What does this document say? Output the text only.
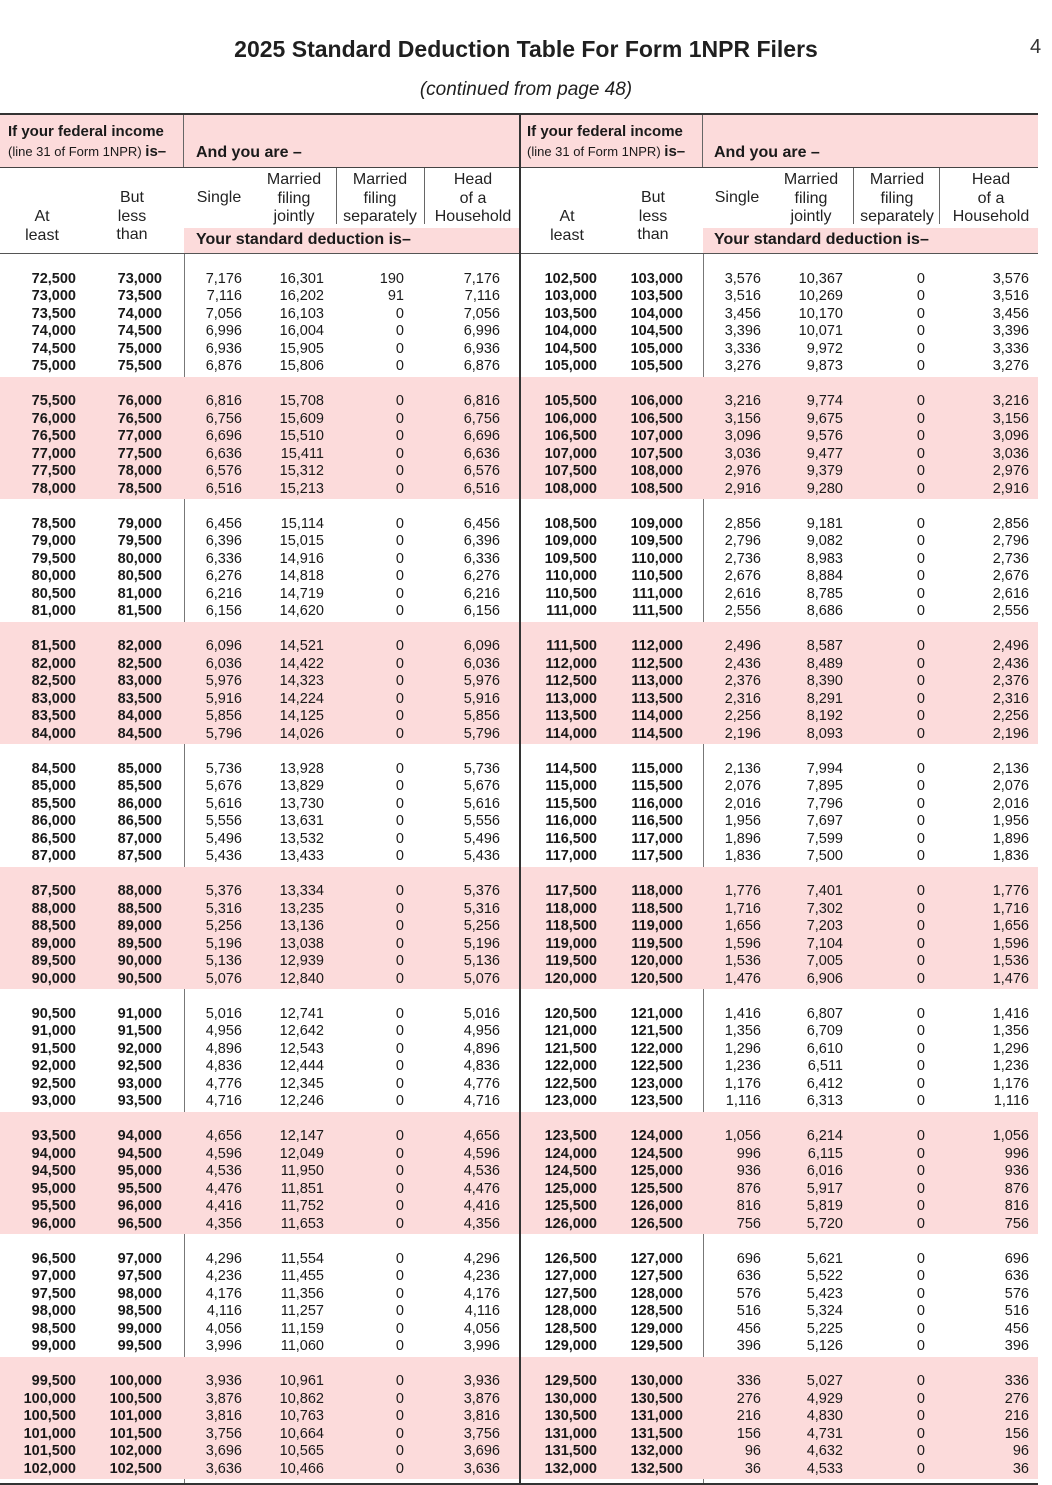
2025 Standard Deduction Table For Form 1NPR Filers
(continued from page 48)
4
If your federal income
(line 31 of Form 1NPR) is–	And you are –
At
least
But
less
than
Single
Married
filing
jointly
Married
filing
separately
Head
of a
Household
Your standard deduction is–
72,500	73,000	7,176	16,301	190	7,176
73,000	73,500	7,116	16,202	91	7,116
73,500	74,000	7,056	16,103	0	7,056
74,000	74,500	6,996	16,004	0	6,996
74,500	75,000	6,936	15,905	0	6,936
75,000	75,500	6,876	15,806	0	6,876
75,500	76,000	6,816	15,708	0	6,816
76,000	76,500	6,756	15,609	0	6,756
76,500	77,000	6,696	15,510	0	6,696
77,000	77,500	6,636	15,411	0	6,636
77,500	78,000	6,576	15,312	0	6,576
78,000	78,500	6,516	15,213	0	6,516
78,500	79,000	6,456	15,114	0	6,456
79,000	79,500	6,396	15,015	0	6,396
79,500	80,000	6,336	14,916	0	6,336
80,000	80,500	6,276	14,818	0	6,276
80,500	81,000	6,216	14,719	0	6,216
81,000	81,500	6,156	14,620	0	6,156
81,500	82,000	6,096	14,521	0	6,096
82,000	82,500	6,036	14,422	0	6,036
82,500	83,000	5,976	14,323	0	5,976
83,000	83,500	5,916	14,224	0	5,916
83,500	84,000	5,856	14,125	0	5,856
84,000	84,500	5,796	14,026	0	5,796
84,500	85,000	5,736	13,928	0	5,736
85,000	85,500	5,676	13,829	0	5,676
85,500	86,000	5,616	13,730	0	5,616
86,000	86,500	5,556	13,631	0	5,556
86,500	87,000	5,496	13,532	0	5,496
87,000	87,500	5,436	13,433	0	5,436
87,500	88,000	5,376	13,334	0	5,376
88,000	88,500	5,316	13,235	0	5,316
88,500	89,000	5,256	13,136	0	5,256
89,000	89,500	5,196	13,038	0	5,196
89,500	90,000	5,136	12,939	0	5,136
90,000	90,500	5,076	12,840	0	5,076
90,500	91,000	5,016	12,741	0	5,016
91,000	91,500	4,956	12,642	0	4,956
91,500	92,000	4,896	12,543	0	4,896
92,000	92,500	4,836	12,444	0	4,836
92,500	93,000	4,776	12,345	0	4,776
93,000	93,500	4,716	12,246	0	4,716
93,500	94,000	4,656	12,147	0	4,656
94,000	94,500	4,596	12,049	0	4,596
94,500	95,000	4,536	11,950	0	4,536
95,000	95,500	4,476	11,851	0	4,476
95,500	96,000	4,416	11,752	0	4,416
96,000	96,500	4,356	11,653	0	4,356
96,500	97,000	4,296	11,554	0	4,296
97,000	97,500	4,236	11,455	0	4,236
97,500	98,000	4,176	11,356	0	4,176
98,000	98,500	4,116	11,257	0	4,116
98,500	99,000	4,056	11,159	0	4,056
99,000	99,500	3,996	11,060	0	3,996
99,500	100,000	3,936	10,961	0	3,936
100,000	100,500	3,876	10,862	0	3,876
100,500	101,000	3,816	10,763	0	3,816
101,000	101,500	3,756	10,664	0	3,756
101,500	102,000	3,696	10,565	0	3,696
102,000	102,500	3,636	10,466	0	3,636
If your federal income
(line 31 of Form 1NPR) is–	And you are –
At
least
But
less
than
Single
Married
filing
jointly
Married
filing
separately
Head
of a
Household
Your standard deduction is–
102,500	103,000	3,576	10,367	0	3,576
103,000	103,500	3,516	10,269	0	3,516
103,500	104,000	3,456	10,170	0	3,456
104,000	104,500	3,396	10,071	0	3,396
104,500	105,000	3,336	9,972	0	3,336
105,000	105,500	3,276	9,873	0	3,276
105,500	106,000	3,216	9,774	0	3,216
106,000	106,500	3,156	9,675	0	3,156
106,500	107,000	3,096	9,576	0	3,096
107,000	107,500	3,036	9,477	0	3,036
107,500	108,000	2,976	9,379	0	2,976
108,000	108,500	2,916	9,280	0	2,916
108,500	109,000	2,856	9,181	0	2,856
109,000	109,500	2,796	9,082	0	2,796
109,500	110,000	2,736	8,983	0	2,736
110,000	110,500	2,676	8,884	0	2,676
110,500	111,000	2,616	8,785	0	2,616
111,000	111,500	2,556	8,686	0	2,556
111,500	112,000	2,496	8,587	0	2,496
112,000	112,500	2,436	8,489	0	2,436
112,500	113,000	2,376	8,390	0	2,376
113,000	113,500	2,316	8,291	0	2,316
113,500	114,000	2,256	8,192	0	2,256
114,000	114,500	2,196	8,093	0	2,196
114,500	115,000	2,136	7,994	0	2,136
115,000	115,500	2,076	7,895	0	2,076
115,500	116,000	2,016	7,796	0	2,016
116,000	116,500	1,956	7,697	0	1,956
116,500	117,000	1,896	7,599	0	1,896
117,000	117,500	1,836	7,500	0	1,836
117,500	118,000	1,776	7,401	0	1,776
118,000	118,500	1,716	7,302	0	1,716
118,500	119,000	1,656	7,203	0	1,656
119,000	119,500	1,596	7,104	0	1,596
119,500	120,000	1,536	7,005	0	1,536
120,000	120,500	1,476	6,906	0	1,476
120,500	121,000	1,416	6,807	0	1,416
121,000	121,500	1,356	6,709	0	1,356
121,500	122,000	1,296	6,610	0	1,296
122,000	122,500	1,236	6,511	0	1,236
122,500	123,000	1,176	6,412	0	1,176
123,000	123,500	1,116	6,313	0	1,116
123,500	124,000	1,056	6,214	0	1,056
124,000	124,500	996	6,115	0	996
124,500	125,000	936	6,016	0	936
125,000	125,500	876	5,917	0	876
125,500	126,000	816	5,819	0	816
126,000	126,500	756	5,720	0	756
126,500	127,000	696	5,621	0	696
127,000	127,500	636	5,522	0	636
127,500	128,000	576	5,423	0	576
128,000	128,500	516	5,324	0	516
128,500	129,000	456	5,225	0	456
129,000	129,500	396	5,126	0	396
129,500	130,000	336	5,027	0	336
130,000	130,500	276	4,929	0	276
130,500	131,000	216	4,830	0	216
131,000	131,500	156	4,731	0	156
131,500	132,000	96	4,632	0	96
132,000	132,500	36	4,533	0	36
